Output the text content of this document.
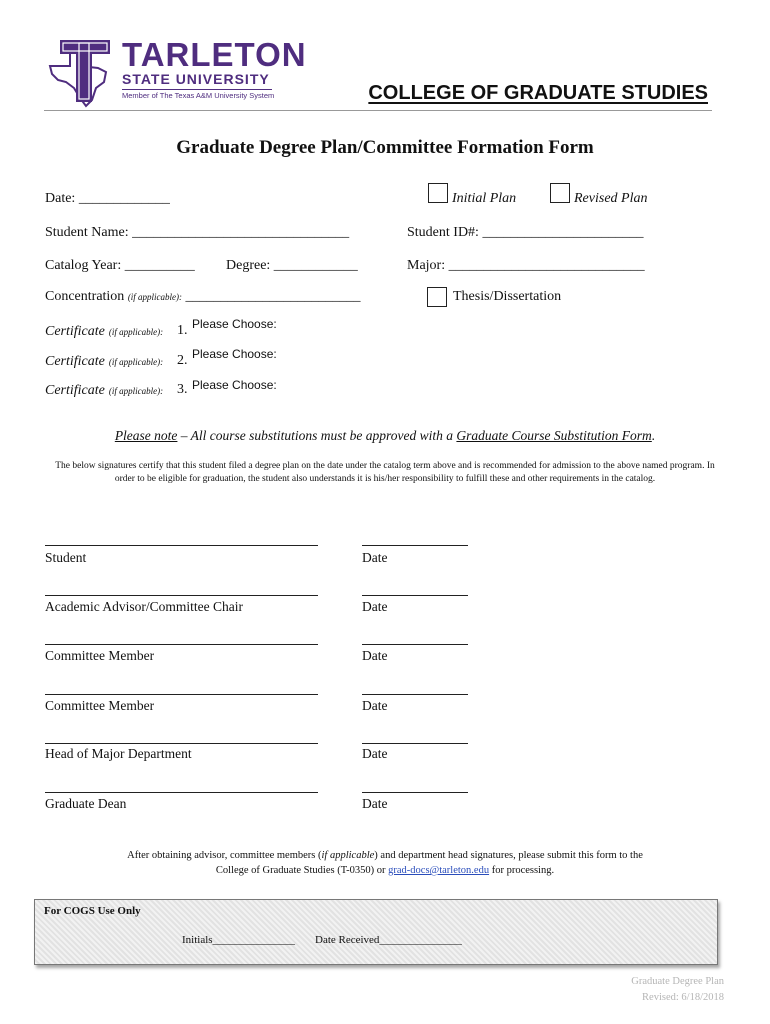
TARLETON
STATE UNIVERSITY
Member of The Texas A&M University System	COLLEGE OF GRADUATE STUDIES
Graduate Degree Plan/Committee Formation Form
Date: _____________	Initial Plan	Revised Plan
Student Name: _______________________________	Student ID#: _______________________
Catalog Year: __________ Degree: ____________	Major: ____________________________
Concentration (if applicable): _________________________	Thesis/Dissertation
Certificate (if applicable): 1. Please Choose:
Certificate (if applicable): 2. Please Choose:
Certificate (if applicable): 3. Please Choose:
Please note – All course substitutions must be approved with a Graduate Course Substitution Form.
The below signatures certify that this student filed a degree plan on the date under the catalog term above and is recommended for admission to the above named program. In order to be eligible for graduation, the student also understands it is his/her responsibility to fulfill these and other requirements in the catalog.
Student	Date
Academic Advisor/Committee Chair	Date
Committee Member	Date
Committee Member	Date
Head of Major Department	Date
Graduate Dean	Date
After obtaining advisor, committee members (if applicable) and department head signatures, please submit this form to the
College of Graduate Studies (T-0350) or grad-docs@tarleton.edu for processing.
For COGS Use Only
Initials_______________ Date Received_______________
Graduate Degree Plan
Revised: 6/18/2018
